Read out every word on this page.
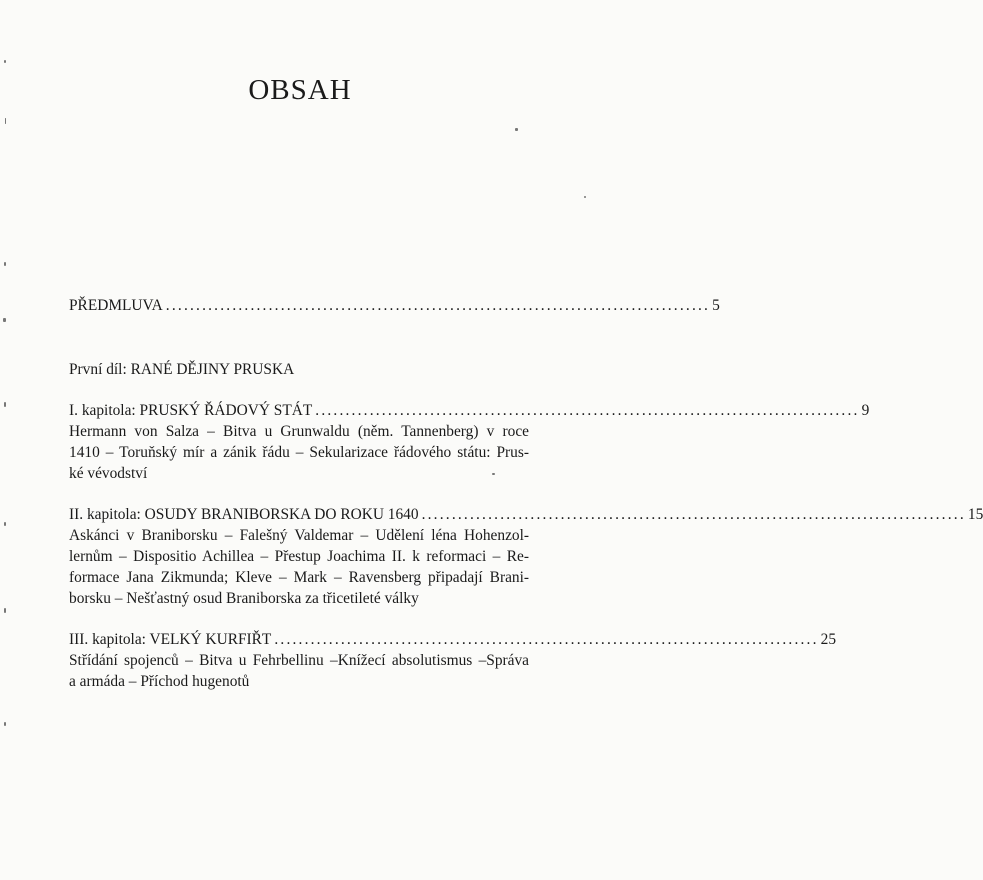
OBSAH
PŘEDMLUVA .......................................................................................... 5
První díl: RANÉ DĚJINY PRUSKA
I. kapitola: PRUSKÝ ŘÁDOVÝ STÁT .......................................................................................... 9
Hermann von Salza – Bitva u Grunwaldu (něm. Tannenberg) v roce
1410 – Toruňský mír a zánik řádu – Sekularizace řádového státu: Prus-
ké vévodství
II. kapitola: OSUDY BRANIBORSKA DO ROKU 1640 .......................................................................................... 15
Askánci v Braniborsku – Falešný Valdemar – Udělení léna Hohenzol-
lernům – Dispositio Achillea – Přestup Joachima II. k reformaci – Re-
formace Jana Zikmunda; Kleve – Mark – Ravensberg připadají Brani-
borsku – Nešťastný osud Braniborska za třicetileté války
III. kapitola: VELKÝ KURFIŘT .......................................................................................... 25
Střídání spojenců – Bitva u Fehrbellinu –Knížecí absolutismus –Správa
a armáda – Příchod hugenotů
